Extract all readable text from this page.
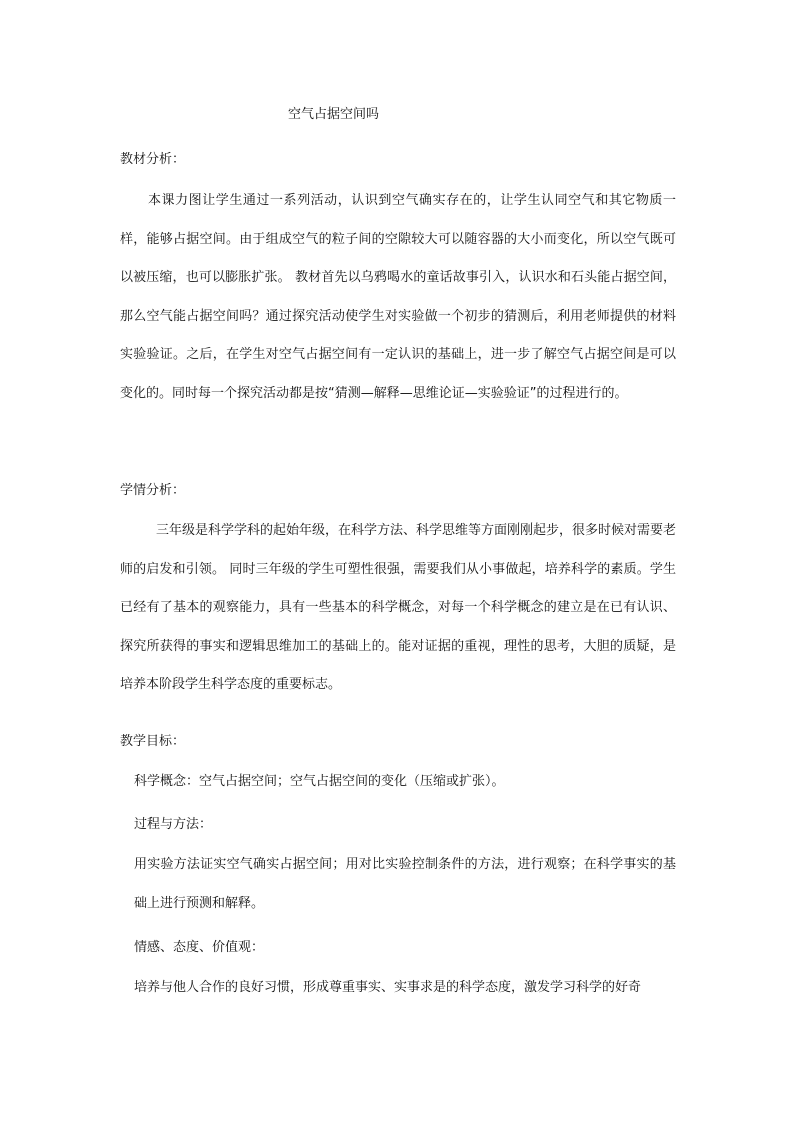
空气占据空间吗
教材分析：

本课力图让学生通过一系列活动，认识到空气确实存在的，让学生认同空气和其它物质一样，能够占据空间。由于组成空气的粒子间的空隙较大可以随容器的大小而变化，所以空气既可以被压缩，也可以膨胀扩张。 教材首先以乌鸦喝水的童话故事引入，认识水和石头能占据空间，那么空气能占据空间吗？通过探究活动使学生对实验做一个初步的猜测后，利用老师提供的材料实验验证。之后，在学生对空气占据空间有一定认识的基础上，进一步了解空气占据空间是可以变化的。同时每一个探究活动都是按“猜测—解释—思维论证—实验验证”的过程进行的。

学情分析：

三年级是科学学科的起始年级，在科学方法、科学思维等方面刚刚起步，很多时候对需要老师的启发和引领。 同时三年级的学生可塑性很强，需要我们从小事做起，培养科学的素质。学生已经有了基本的观察能力，具有一些基本的科学概念，对每一个科学概念的建立是在已有认识、探究所获得的事实和逻辑思维加工的基础上的。能对证据的重视，理性的思考，大胆的质疑，是培养本阶段学生科学态度的重要标志。

教学目标：

科学概念：空气占据空间；空气占据空间的变化（压缩或扩张）。

过程与方法：

用实验方法证实空气确实占据空间；用对比实验控制条件的方法，进行观察；在科学事实的基础上进行预测和解释。

情感、态度、价值观：

培养与他人合作的良好习惯，形成尊重事实、实事求是的科学态度，激发学习科学的好奇
